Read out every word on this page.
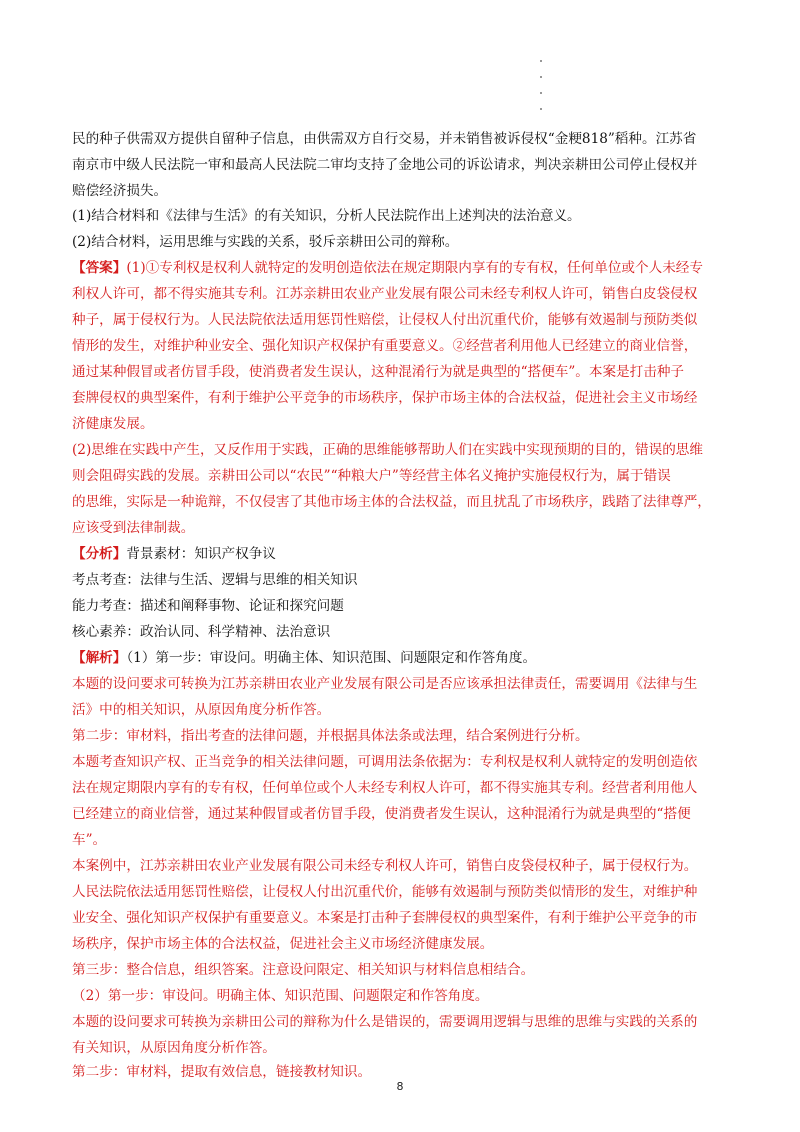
民的种子供需双方提供自留种子信息，由供需双方自行交易，并未销售被诉侵权“金粳818”稻种。江苏省
南京市中级人民法院一审和最高人民法院二审均支持了金地公司的诉讼请求，判决亲耕田公司停止侵权并
赔偿经济损失。
(1)结合材料和《法律与生活》的有关知识，分析人民法院作出上述判决的法治意义。
(2)结合材料，运用思维与实践的关系，驳斥亲耕田公司的辩称。
【答案】(1)①专利权是权利人就特定的发明创造依法在规定期限内享有的专有权，任何单位或个人未经专
利权人许可，都不得实施其专利。江苏亲耕田农业产业发展有限公司未经专利权人许可，销售白皮袋侵权
种子，属于侵权行为。人民法院依法适用惩罚性赔偿，让侵权人付出沉重代价，能够有效遏制与预防类似
情形的发生，对维护种业安全、强化知识产权保护有重要意义。②经营者利用他人已经建立的商业信誉，
通过某种假冒或者仿冒手段，使消费者发生误认，这种混淆行为就是典型的“搭便车”。本案是打击种子
套牌侵权的典型案件，有利于维护公平竞争的市场秩序，保护市场主体的合法权益，促进社会主义市场经
济健康发展。
(2)思维在实践中产生，又反作用于实践，正确的思维能够帮助人们在实践中实现预期的目的，错误的思维
则会阻碍实践的发展。亲耕田公司以“农民”“种粮大户”等经营主体名义掩护实施侵权行为，属于错误
的思维，实际是一种诡辩，不仅侵害了其他市场主体的合法权益，而且扰乱了市场秩序，践踏了法律尊严，
应该受到法律制裁。
【分析】背景素材：知识产权争议
考点考查：法律与生活、逻辑与思维的相关知识
能力考查：描述和阐释事物、论证和探究问题
核心素养：政治认同、科学精神、法治意识
【解析】（1）第一步：审设问。明确主体、知识范围、问题限定和作答角度。
本题的设问要求可转换为江苏亲耕田农业产业发展有限公司是否应该承担法律责任，需要调用《法律与生
活》中的相关知识，从原因角度分析作答。
第二步：审材料，指出考查的法律问题，并根据具体法条或法理，结合案例进行分析。
本题考查知识产权、正当竞争的相关法律问题，可调用法条依据为：专利权是权利人就特定的发明创造依
法在规定期限内享有的专有权，任何单位或个人未经专利权人许可，都不得实施其专利。经营者利用他人
已经建立的商业信誉，通过某种假冒或者仿冒手段，使消费者发生误认，这种混淆行为就是典型的“搭便
车”。
本案例中，江苏亲耕田农业产业发展有限公司未经专利权人许可，销售白皮袋侵权种子，属于侵权行为。
人民法院依法适用惩罚性赔偿，让侵权人付出沉重代价，能够有效遏制与预防类似情形的发生，对维护种
业安全、强化知识产权保护有重要意义。本案是打击种子套牌侵权的典型案件，有利于维护公平竞争的市
场秩序，保护市场主体的合法权益，促进社会主义市场经济健康发展。
第三步：整合信息，组织答案。注意设问限定、相关知识与材料信息相结合。
（2）第一步：审设问。明确主体、知识范围、问题限定和作答角度。
本题的设问要求可转换为亲耕田公司的辩称为什么是错误的，需要调用逻辑与思维的思维与实践的关系的
有关知识，从原因角度分析作答。
第二步：审材料，提取有效信息，链接教材知识。
8
